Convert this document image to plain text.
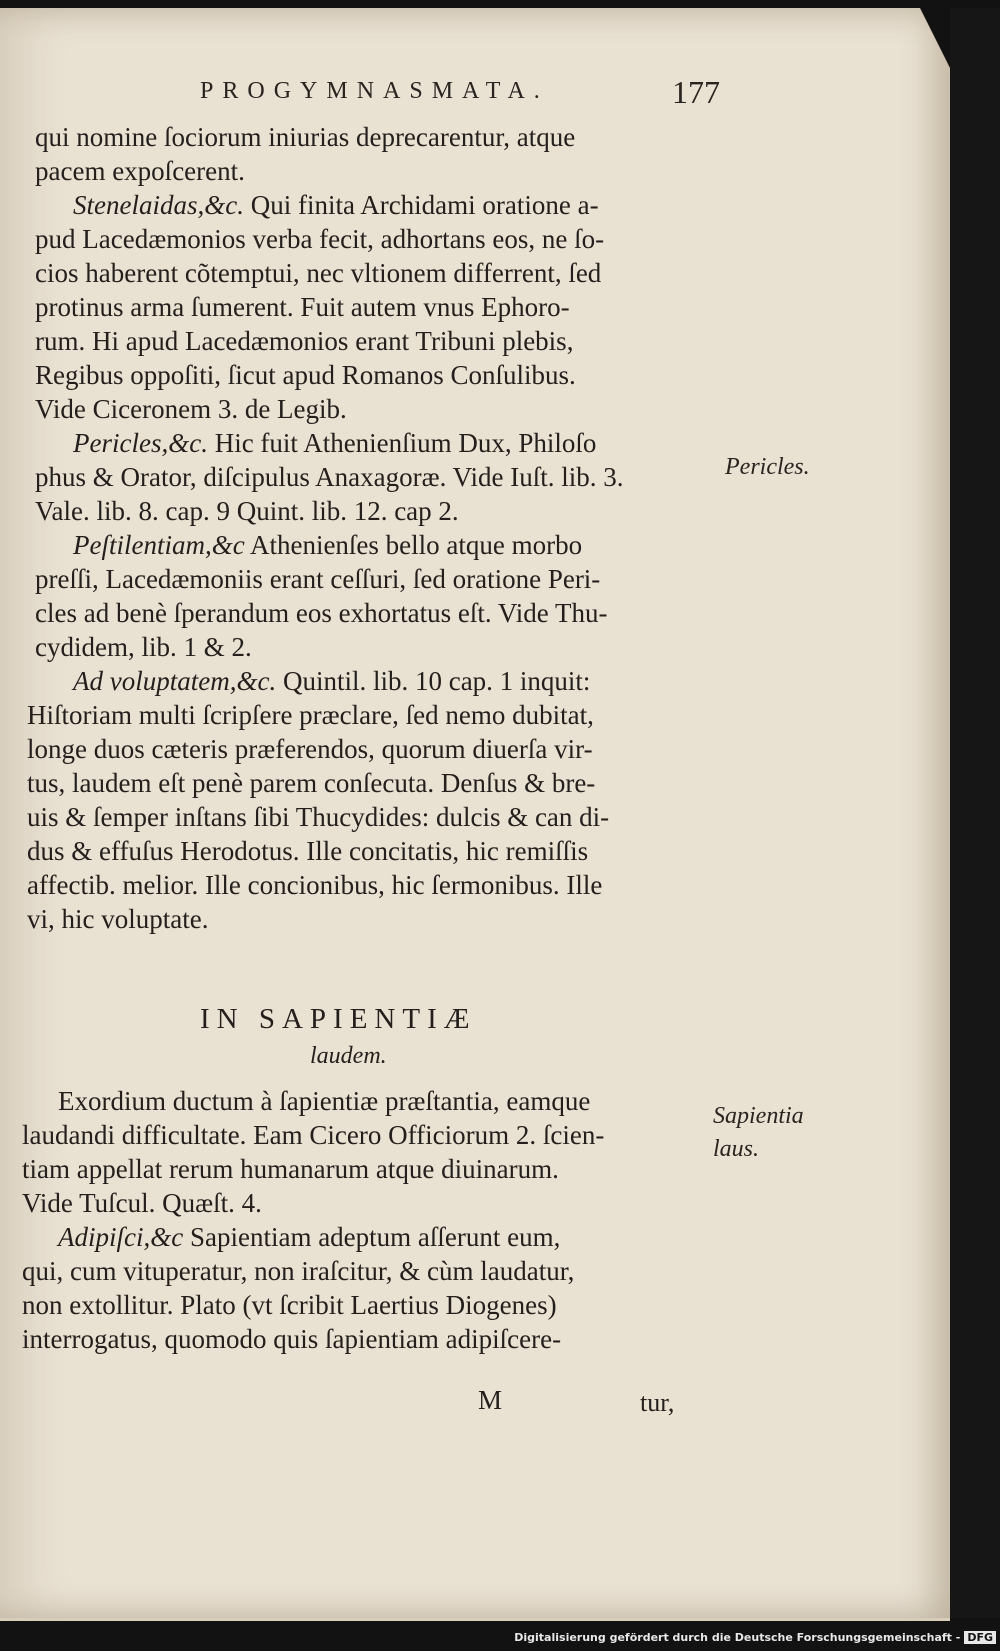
PROGYMNASMATA.	177
qui nomine ſociorum iniurias deprecarentur, atque
pacem expoſcerent.
Stenelaidas,&c. Qui finita Archidami oratione a-
pud Lacedæmonios verba fecit, adhortans eos, ne ſo-
cios haberent cõtemptui, nec vltionem differrent, ſed
protinus arma ſumerent. Fuit autem vnus Ephoro-
rum. Hi apud Lacedæmonios erant Tribuni plebis,
Regibus oppoſiti, ſicut apud Romanos Conſulibus.
Vide Ciceronem 3. de Legib.
Pericles,&c. Hic fuit Athenienſium Dux, Philoſo
phus & Orator, diſcipulus Anaxagoræ. Vide Iuſt. lib. 3.
Vale. lib. 8. cap. 9 Quint. lib. 12. cap 2.
Peſtilentiam,&c Athenienſes bello atque morbo
preſſi, Lacedæmoniis erant ceſſuri, ſed oratione Peri-
cles ad benè ſperandum eos exhortatus eſt. Vide Thu-
cydidem, lib. 1 & 2.
Ad voluptatem,&c. Quintil. lib. 10 cap. 1 inquit:
Hiſtoriam multi ſcripſere præclare, ſed nemo dubitat,
longe duos cæteris præferendos, quorum diuerſa vir-
tus, laudem eſt penè parem conſecuta. Denſus & bre-
uis & ſemper inſtans ſibi Thucydides: dulcis & can di-
dus & effuſus Herodotus. Ille concitatis, hic remiſſis
affectib. melior. Ille concionibus, hic ſermonibus. Ille
vi, hic voluptate.
Pericles.
IN SAPIENTIÆ
laudem.
Exordium ductum à ſapientiæ præſtantia, eamque
laudandi difficultate. Eam Cicero Officiorum 2. ſcien-
tiam appellat rerum humanarum atque diuinarum.
Vide Tuſcul. Quæſt. 4.
Adipiſci,&c Sapientiam adeptum aſſerunt eum,
qui, cum vituperatur, non iraſcitur, & cùm laudatur,
non extollitur. Plato (vt ſcribit Laertius Diogenes)
interrogatus, quomodo quis ſapientiam adipiſcere-
Sapientia
laus.
M	tur,
Digitalisierung gefördert durch die Deutsche Forschungsgemeinschaft - DFG
